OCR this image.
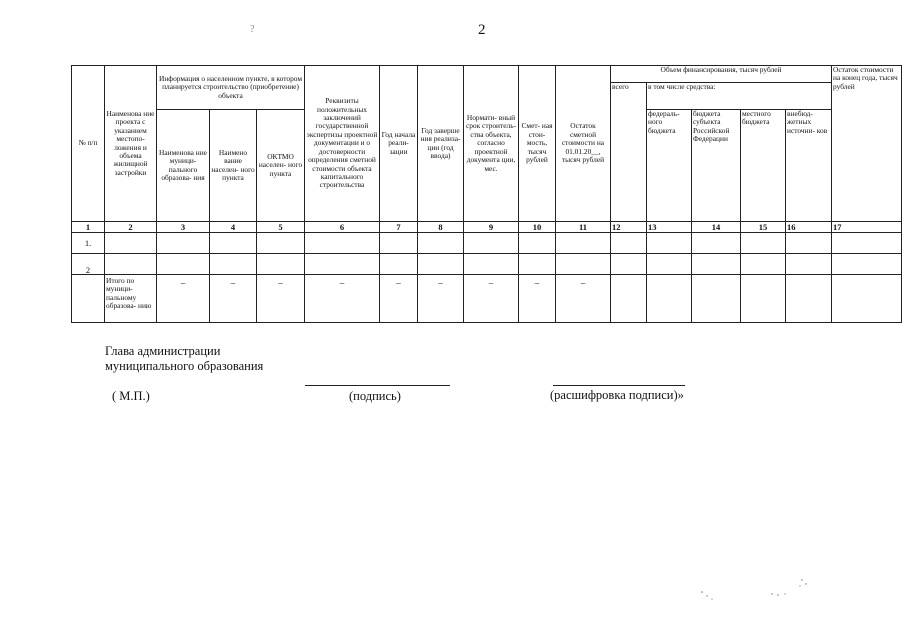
?	2
№ п/п	Наименова ние проекта с указанием местопо- ложения и объема жилищной застройки	Информация о населенном пункте, в котором планируется строительство (приобретение) объекта			Реквизиты положительных заключений государственной экспертизы проектной документации и о достоверности определения сметной стоимости объекта капитального строительства	Год начала реали- зации	Год заверше ния реализа- ции (год ввода)	Нормати- вный срок строитель- ства объекта, согласно проектной документа ции, мес.	Смет- ная стои- мость, тысяч рублей	Остаток сметной стоимости на 01.01.20__, тысяч рублей	Объем финансирования, тысяч рублей					Остаток стоимости на конец года, тысяч рублей
											всего	в том числе средства:				
		Наименова ние муници- пального образова- ния	Наимено вание населен- ного пункта	ОКТМО населен- ного пункта								федераль- ного бюджета	бюджета субъекта Российской Федерации	местного бюджета	внебюд- жетных источни- ков	
1	2	3	4	5	6	7	8	9	10	11	12	13	14	15	16	17
1.																
2																
	Итого по муници- пальному образова- нию	–	–	–	–	–	–	–	–	–						
Глава администрации
муниципального образования
( М.П.)	(подпись)	(расшифровка подписи)»
